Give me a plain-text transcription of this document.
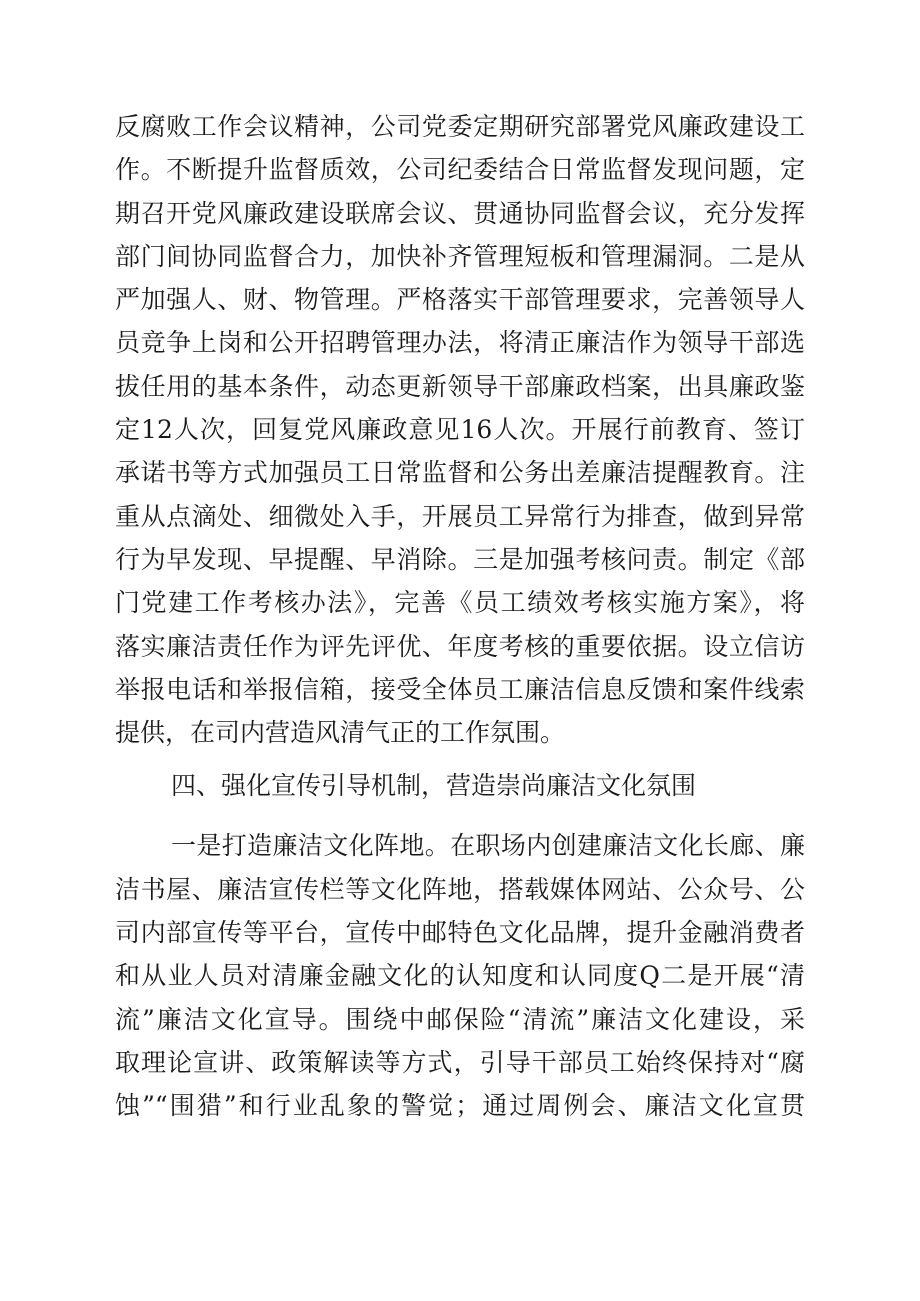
反腐败工作会议精神，公司党委定期研究部署党风廉政建设工
作。不断提升监督质效，公司纪委结合日常监督发现问题，定
期召开党风廉政建设联席会议、贯通协同监督会议，充分发挥
部门间协同监督合力，加快补齐管理短板和管理漏洞。二是从
严加强人、财、物管理。严格落实干部管理要求，完善领导人
员竞争上岗和公开招聘管理办法，将清正廉洁作为领导干部选
拔任用的基本条件，动态更新领导干部廉政档案，出具廉政鉴
定12人次，回复党风廉政意见16人次。开展行前教育、签订
承诺书等方式加强员工日常监督和公务出差廉洁提醒教育。注
重从点滴处、细微处入手，开展员工异常行为排查，做到异常
行为早发现、早提醒、早消除。三是加强考核问责。制定《部
门党建工作考核办法》，完善《员工绩效考核实施方案》，将
落实廉洁责任作为评先评优、年度考核的重要依据。设立信访
举报电话和举报信箱，接受全体员工廉洁信息反馈和案件线索
提供，在司内营造风清气正的工作氛围。
四、强化宣传引导机制，营造崇尚廉洁文化氛围
一是打造廉洁文化阵地。在职场内创建廉洁文化长廊、廉
洁书屋、廉洁宣传栏等文化阵地，搭载媒体网站、公众号、公
司内部宣传等平台，宣传中邮特色文化品牌，提升金融消费者
和从业人员对清廉金融文化的认知度和认同度Q二是开展“清
流”廉洁文化宣导。围绕中邮保险“清流”廉洁文化建设，采
取理论宣讲、政策解读等方式，引导干部员工始终保持对“腐
蚀”“围猎”和行业乱象的警觉；通过周例会、廉洁文化宣贯
